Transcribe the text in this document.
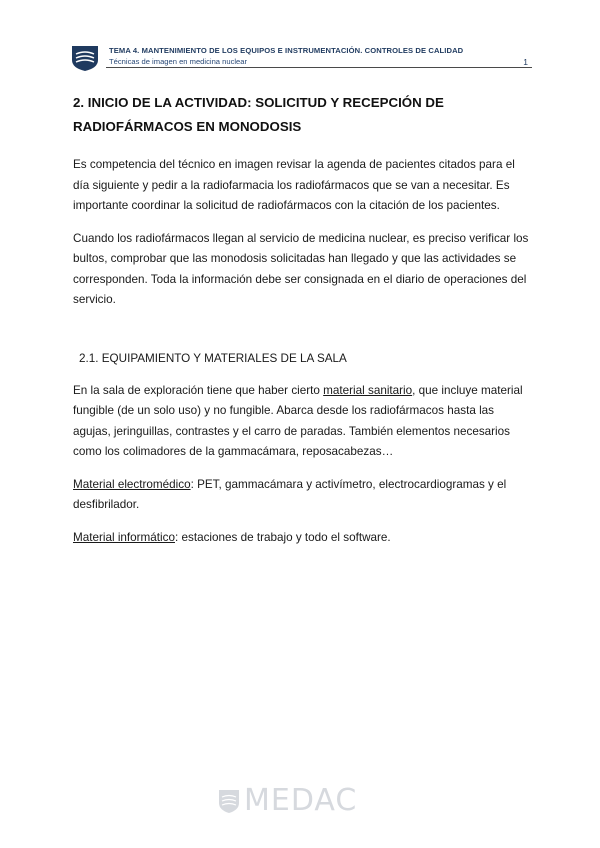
TEMA 4. MANTENIMIENTO DE LOS EQUIPOS E INSTRUMENTACIÓN. CONTROLES DE CALIDAD
Técnicas de imagen en medicina nuclear	1
2. INICIO DE LA ACTIVIDAD: SOLICITUD Y RECEPCIÓN DE RADIOFÁRMACOS EN MONODOSIS

Es competencia del técnico en imagen revisar la agenda de pacientes citados para el día siguiente y pedir a la radiofarmacia los radiofármacos que se van a necesitar. Es importante coordinar la solicitud de radiofármacos con la citación de los pacientes.

Cuando los radiofármacos llegan al servicio de medicina nuclear, es preciso verificar los bultos, comprobar que las monodosis solicitadas han llegado y que las actividades se corresponden. Toda la información debe ser consignada en el diario de operaciones del servicio.

2.1. EQUIPAMIENTO Y MATERIALES DE LA SALA

En la sala de exploración tiene que haber cierto material sanitario, que incluye material fungible (de un solo uso) y no fungible. Abarca desde los radiofármacos hasta las agujas, jeringuillas, contrastes y el carro de paradas. También elementos necesarios como los colimadores de la gammacámara, reposacabezas…

Material electromédico: PET, gammacámara y activímetro, electrocardiogramas y el desfibrilador.

Material informático: estaciones de trabajo y todo el software.

MEDAC
